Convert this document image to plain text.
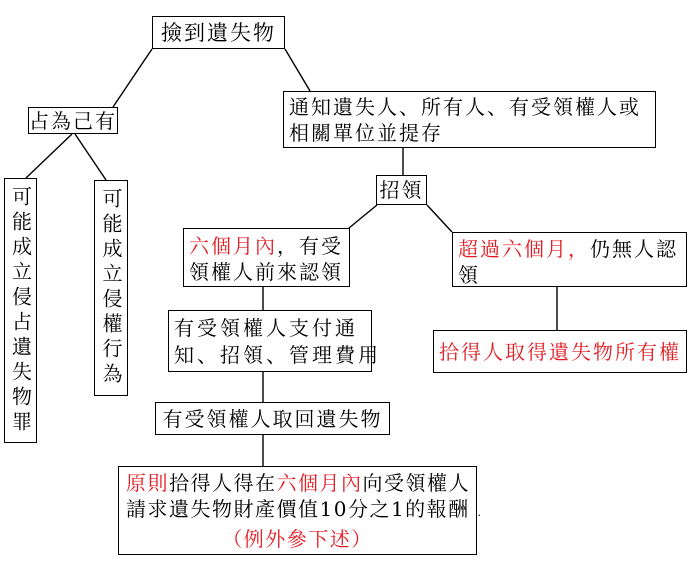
撿到遺失物
占為己有
可能成立侵占遺失物罪	可能成立侵權行為
通知遺失人、所有人、有受領權人或
相關單位並提存
招領
六個月內，有受
領權人前來認領
超過六個月，仍無人認
領
有受領權人支付通
知、招領、管理費用
有受領權人取回遺失物
拾得人取得遺失物所有權
原則拾得人得在六個月內向受領權人
請求遺失物財產價值10分之1的報酬 .
（例外參下述）
